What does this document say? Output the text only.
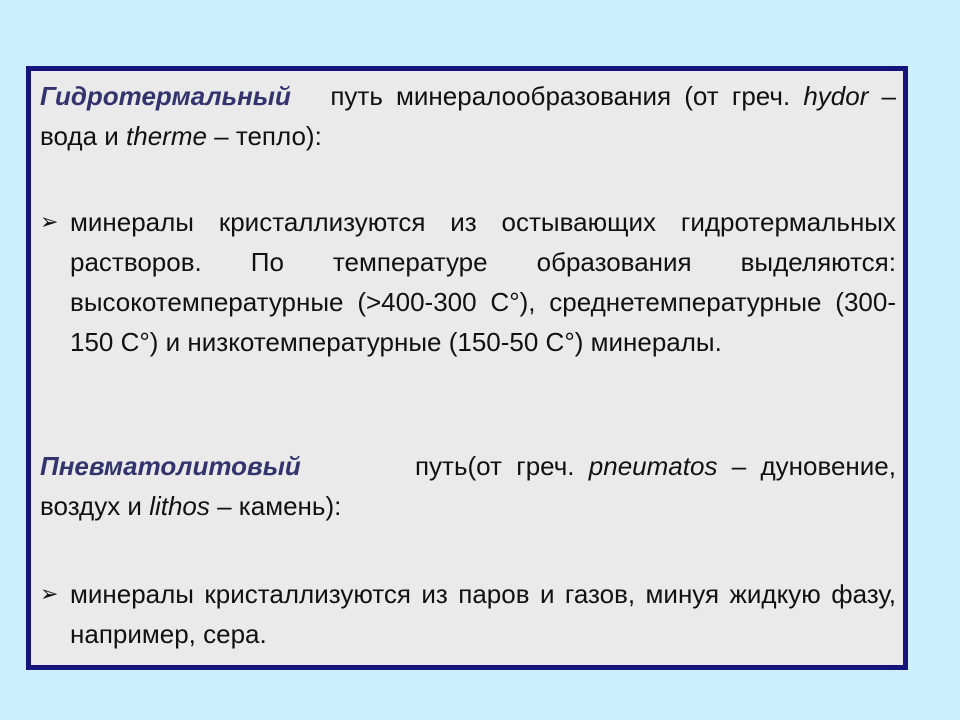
Гидротермальный путь минералообразования (от греч. hydor – вода и therme – тепло):
➢ минералы кристаллизуются из остывающих гидротермальных растворов. По температуре образования выделяются: высокотемпературные (>400-300 С°), среднетемпературные (300-150 С°) и низкотемпературные (150-50 С°) минералы.
Пневматолитовый	путь(от греч. pneumatos – дуновение, воздух и lithos – камень):
➢ минералы кристаллизуются из паров и газов, минуя жидкую фазу, например, сера.
